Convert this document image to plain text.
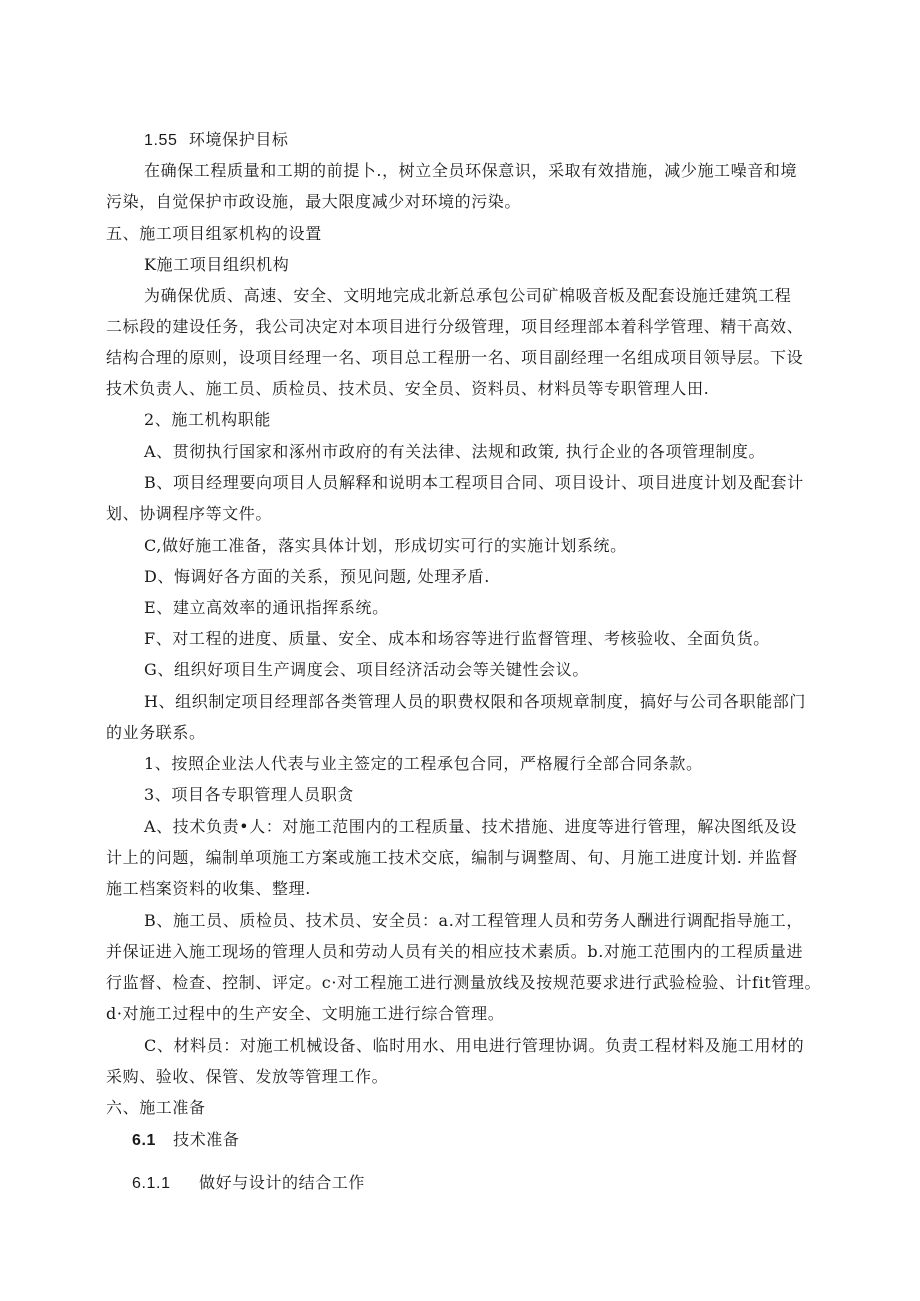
1.55 环境保护目标
在确保工程质量和工期的前提卜.，树立全员环保意识，采取有效措施，减少施工噪音和境
污染，自觉保护市政设施，最大限度减少对环境的污染。
五、施工项目组冢机构的设置
K施工项目组织机构
为确保优质、高速、安全、文明地完成北新总承包公司矿棉吸音板及配套设施迁建筑工程
二标段的建设任务，我公司决定对本项目进行分级管理，项目经理部本着科学管理、精干高效、
结构合理的原则，设项目经理一名、项目总工程册一名、项目副经理一名组成项目领导层。下设
技术负责人、施工员、质检员、技术员、安全员、资料员、材料员等专职管理人田.
2、施工机构职能
A、贯彻执行国家和涿州市政府的有关法律、法规和政策, 执行企业的各项管理制度。
B、项目经理要向项目人员解释和说明本工程项目合同、项目设计、项目进度计划及配套计
划、协调程序等文件。
C,做好施工准备，落实具体计划，形成切实可行的实施计划系统。
D、悔调好各方面的关系，预见问题, 处理矛盾.
E、建立高效率的通讯指挥系统。
F、对工程的进度、质量、安全、成本和场容等进行监督管理、考核验收、全面负货。
G、组织好项目生产调度会、项目经济活动会等关键性会议。
H、组织制定项目经理部各类管理人员的职费权限和各项规章制度，搞好与公司各职能部门
的业务联系。
1、按照企业法人代表与业主签定的工程承包合同，严格履行全部合同条款。
3、项目各专职管理人员职贪
A、技术负责•人：对施工范围内的工程质量、技术措施、进度等进行管理，解决图纸及设
计上的问题，编制单项施工方案或施工技术交底，编制与调整周、旬、月施工进度计划. 并监督
施工档案资料的收集、整理.
B、施工员、质检员、技术员、安全员：a.对工程管理人员和劳务人酬进行调配指导施工，
并保证进入施工现场的管理人员和劳动人员有关的相应技术素质。b.对施工范围内的工程质量进
行监督、检查、控制、评定。c·对工程施工进行测量放线及按规范要求进行武验检验、计fit管理。
d·对施工过程中的生产安全、文明施工进行综合管理。
C、材料员：对施工机械设备、临时用水、用电进行管理协调。负责工程材料及施工用材的
采购、验收、保管、发放等管理工作。
六、施工准备
6.1 技术准备
6.1.1 做好与设计的结合工作
